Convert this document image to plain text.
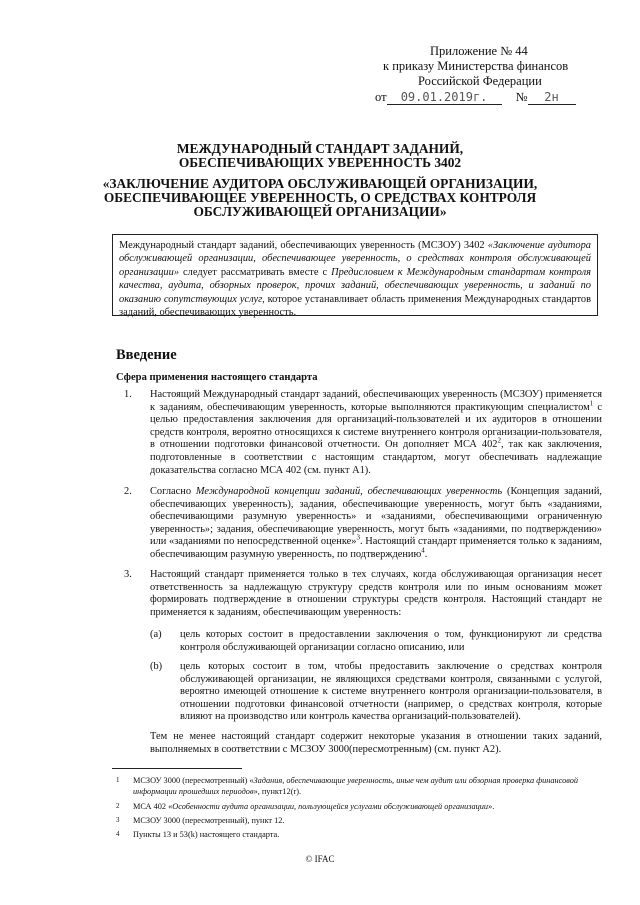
Приложение № 44
к приказу Министерства финансов
Российской Федерации
от	09.01.2019г.	№	2н
МЕЖДУНАРОДНЫЙ СТАНДАРТ ЗАДАНИЙ,
ОБЕСПЕЧИВАЮЩИХ УВЕРЕННОСТЬ 3402
«ЗАКЛЮЧЕНИЕ АУДИТОРА ОБСЛУЖИВАЮЩЕЙ ОРГАНИЗАЦИИ,
ОБЕСПЕЧИВАЮЩЕЕ УВЕРЕННОСТЬ, О СРЕДСТВАХ КОНТРОЛЯ
ОБСЛУЖИВАЮЩЕЙ ОРГАНИЗАЦИИ»
Международный стандарт заданий, обеспечивающих уверенность (МСЗОУ) 3402 «Заключение аудитора обслуживающей организации, обеспечивающее уверенность, о средствах контроля обслуживающей организации» следует рассматривать вместе с Предисловием к Международным стандартам контроля качества, аудита, обзорных проверок, прочих заданий, обеспечивающих уверенность, и заданий по оказанию сопутствующих услуг, которое устанавливает область применения Международных стандартов заданий, обеспечивающих уверенность.
Введение
Сфера применения настоящего стандарта
1. Настоящий Международный стандарт заданий, обеспечивающих уверенность (МСЗОУ) применяется к заданиям, обеспечивающим уверенность, которые выполняются практикующим специалистом$^1$ с целью предоставления заключения для организаций-пользователей и их аудиторов в отношении средств контроля, вероятно относящихся к системе внутреннего контроля организации-пользователя, в отношении подготовки финансовой отчетности. Он дополняет МСА $402^2$, так как заключения, подготовленные в соответствии с настоящим стандартом, могут обеспечивать надлежащие доказательства согласно МСА 402 (см. пункт А1).
2. Согласно Международной концепции заданий, обеспечивающих уверенность (Концепция заданий, обеспечивающих уверенность), задания, обеспечивающие уверенность, могут быть «заданиями, обеспечивающими разумную уверенность» и «заданиями, обеспечивающими ограниченную уверенность»; задания, обеспечивающие уверенность, могут быть «заданиями, по подтверждению» или «заданиями по непосредственной оценке»$^3$. Настоящий стандарт применяется только к заданиям, обеспечивающим разумную уверенность, по подтверждению$^4$.
3. Настоящий стандарт применяется только в тех случаях, когда обслуживающая организация несет ответственность за надлежащую структуру средств контроля или по иным основаниям может формировать подтверждение в отношении структуры средств контроля. Настоящий стандарт не применяется к заданиям, обеспечивающим уверенность:
(a) цель которых состоит в предоставлении заключения о том, функционируют ли средства контроля обслуживающей организации согласно описанию, или
(b) цель которых состоит в том, чтобы предоставить заключение о средствах контроля обслуживающей организации, не являющихся средствами контроля, связанными с услугой, вероятно имеющей отношение к системе внутреннего контроля организации-пользователя, в отношении подготовки финансовой отчетности (например, о средствах контроля, которые влияют на производство или контроль качества организаций-пользователей).
Тем не менее настоящий стандарт содержит некоторые указания в отношении таких заданий, выполняемых в соответствии с МСЗОУ 3000(пересмотренным) (см. пункт А2).
1 МСЗОУ 3000 (пересмотренный) «Задания, обеспечивающие уверенность, иные чем аудит или обзорная проверка финансовой информации прошедших периодов», пункт12(r).
2 МСА 402 «Особенности аудита организации, пользующейся услугами обслуживающей организации».
3 МСЗОУ 3000 (пересмотренный), пункт 12.
4 Пункты 13 и 53(k) настоящего стандарта.
© IFAC
